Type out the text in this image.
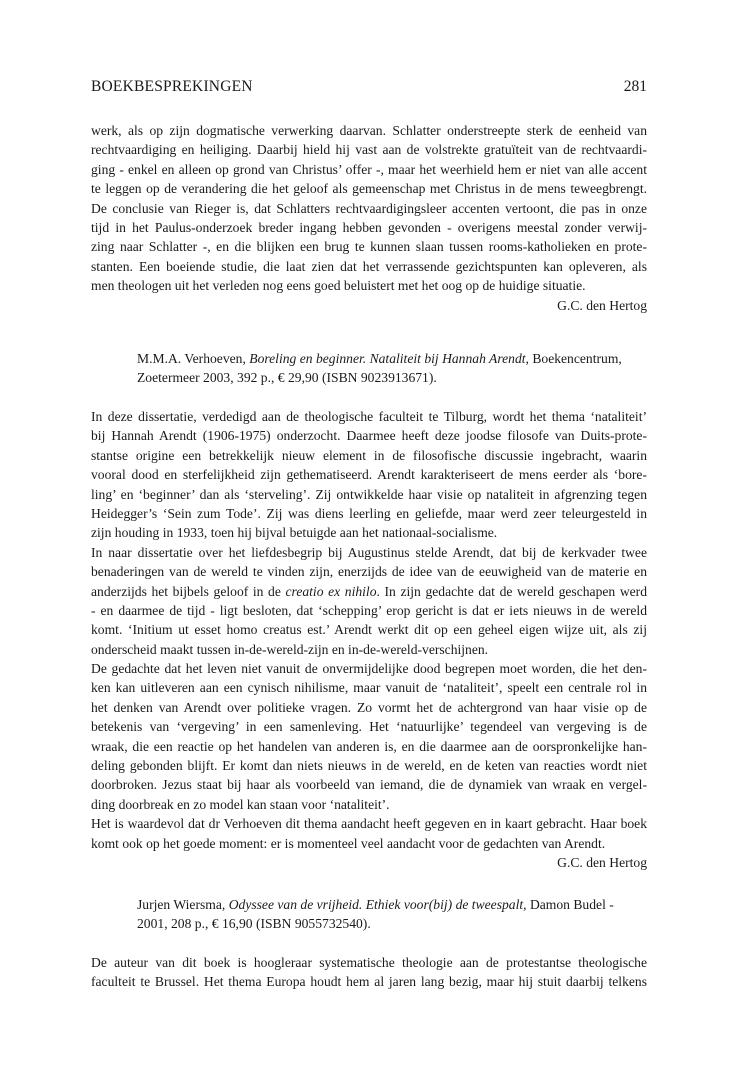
BOEKBESPREKINGEN	281
werk, als op zijn dogmatische verwerking daarvan. Schlatter onderstreepte sterk de eenheid van
rechtvaardiging en heiliging. Daarbij hield hij vast aan de volstrekte gratuïteit van de rechtvaardi-
ging - enkel en alleen op grond van Christus’ offer -, maar het weerhield hem er niet van alle accent
te leggen op de verandering die het geloof als gemeenschap met Christus in de mens teweegbrengt.
De conclusie van Rieger is, dat Schlatters rechtvaardigingsleer accenten vertoont, die pas in onze
tijd in het Paulus-onderzoek breder ingang hebben gevonden - overigens meestal zonder verwij-
zing naar Schlatter -, en die blijken een brug te kunnen slaan tussen rooms-katholieken en prote-
stanten. Een boeiende studie, die laat zien dat het verrassende gezichtspunten kan opleveren, als
men theologen uit het verleden nog eens goed beluistert met het oog op de huidige situatie.
G.C. den Hertog
M.M.A. Verhoeven, Boreling en beginner. Nataliteit bij Hannah Arendt, Boekencentrum,
Zoetermeer 2003, 392 p., € 29,90 (ISBN 9023913671).
In deze dissertatie, verdedigd aan de theologische faculteit te Tilburg, wordt het thema ‘nataliteit’
bij Hannah Arendt (1906-1975) onderzocht. Daarmee heeft deze joodse filosofe van Duits-prote-
stantse origine een betrekkelijk nieuw element in de filosofische discussie ingebracht, waarin
vooral dood en sterfelijkheid zijn gethematiseerd. Arendt karakteriseert de mens eerder als ‘bore-
ling’ en ‘beginner’ dan als ‘sterveling’. Zij ontwikkelde haar visie op nataliteit in afgrenzing tegen
Heidegger’s ‘Sein zum Tode’. Zij was diens leerling en geliefde, maar werd zeer teleurgesteld in
zijn houding in 1933, toen hij bijval betuigde aan het nationaal-socialisme.
In naar dissertatie over het liefdesbegrip bij Augustinus stelde Arendt, dat bij de kerkvader twee
benaderingen van de wereld te vinden zijn, enerzijds de idee van de eeuwigheid van de materie en
anderzijds het bijbels geloof in de creatio ex nihilo. In zijn gedachte dat de wereld geschapen werd
- en daarmee de tijd - ligt besloten, dat ‘schepping’ erop gericht is dat er iets nieuws in de wereld
komt. ‘Initium ut esset homo creatus est.’ Arendt werkt dit op een geheel eigen wijze uit, als zij
onderscheid maakt tussen in-de-wereld-zijn en in-de-wereld-verschijnen.
De gedachte dat het leven niet vanuit de onvermijdelijke dood begrepen moet worden, die het den-
ken kan uitleveren aan een cynisch nihilisme, maar vanuit de ‘nataliteit’, speelt een centrale rol in
het denken van Arendt over politieke vragen. Zo vormt het de achtergrond van haar visie op de
betekenis van ‘vergeving’ in een samenleving. Het ‘natuurlijke’ tegendeel van vergeving is de
wraak, die een reactie op het handelen van anderen is, en die daarmee aan de oorspronkelijke han-
deling gebonden blijft. Er komt dan niets nieuws in de wereld, en de keten van reacties wordt niet
doorbroken. Jezus staat bij haar als voorbeeld van iemand, die de dynamiek van wraak en vergel-
ding doorbreak en zo model kan staan voor ‘nataliteit’.
Het is waardevol dat dr Verhoeven dit thema aandacht heeft gegeven en in kaart gebracht. Haar boek
komt ook op het goede moment: er is momenteel veel aandacht voor de gedachten van Arendt.
G.C. den Hertog
Jurjen Wiersma, Odyssee van de vrijheid. Ethiek voor(bij) de tweespalt, Damon Budel -
2001, 208 p., € 16,90 (ISBN 9055732540).
De auteur van dit boek is hoogleraar systematische theologie aan de protestantse theologische
faculteit te Brussel. Het thema Europa houdt hem al jaren lang bezig, maar hij stuit daarbij telkens
